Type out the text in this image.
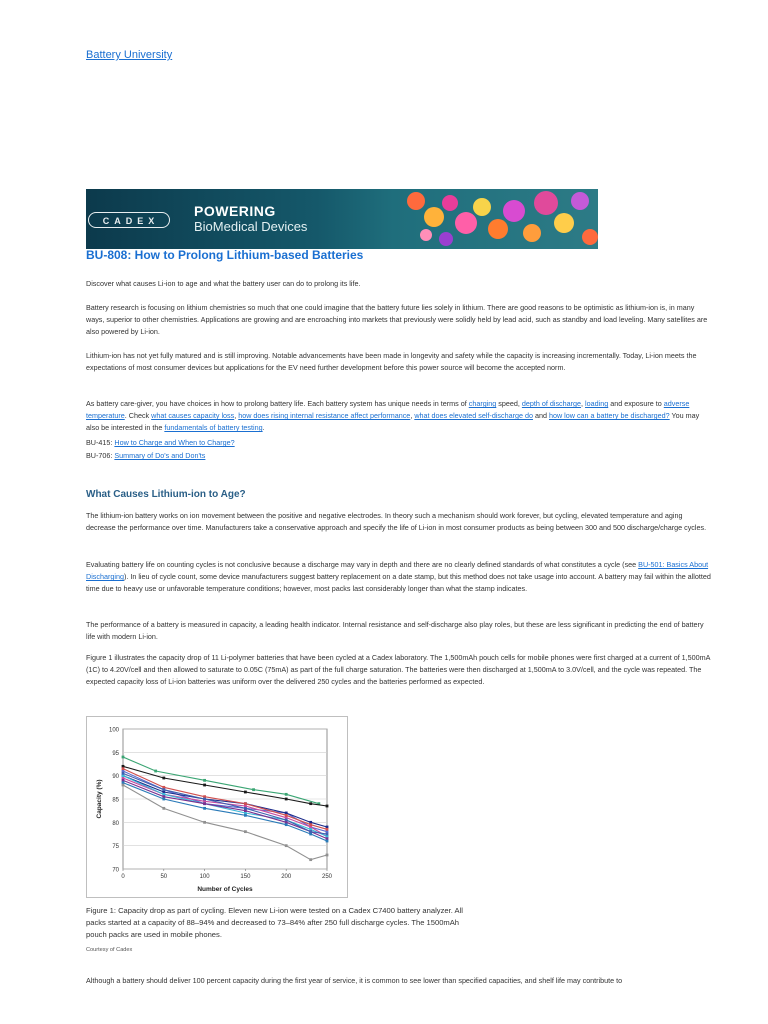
Battery University
CADEX
POWERING
BioMedical Devices
BU-808: How to Prolong Lithium-based Batteries

Discover what causes Li-ion to age and what the battery user can do to prolong its life.

Battery research is focusing on lithium chemistries so much that one could imagine that the battery future lies solely in lithium. There are good reasons to be optimistic as lithium-ion is, in many ways, superior to other chemistries. Applications are growing and are encroaching into markets that previously were solidly held by lead acid, such as standby and load leveling. Many satellites are also powered by Li-ion.

Lithium-ion has not yet fully matured and is still improving. Notable advancements have been made in longevity and safety while the capacity is increasing incrementally. Today, Li-ion meets the expectations of most consumer devices but applications for the EV need further development before this power source will become the accepted norm.

As battery care-giver, you have choices in how to prolong battery life. Each battery system has unique needs in terms of charging speed, depth of discharge, loading and exposure to adverse temperature. Check what causes capacity loss, how does rising internal resistance affect performance, what does elevated self-discharge do and how low can a battery be discharged? You may also be interested in the fundamentals of battery testing.

BU-415: How to Charge and When to Charge?

BU-706: Summary of Do's and Don'ts

What Causes Lithium-ion to Age?

The lithium-ion battery works on ion movement between the positive and negative electrodes. In theory such a mechanism should work forever, but cycling, elevated temperature and aging decrease the performance over time. Manufacturers take a conservative approach and specify the life of Li-ion in most consumer products as being between 300 and 500 discharge/charge cycles.

Evaluating battery life on counting cycles is not conclusive because a discharge may vary in depth and there are no clearly defined standards of what constitutes a cycle (see BU-501: Basics About Discharging). In lieu of cycle count, some device manufacturers suggest battery replacement on a date stamp, but this method does not take usage into account. A battery may fail within the allotted time due to heavy use or unfavorable temperature conditions; however, most packs last considerably longer than what the stamp indicates.

The performance of a battery is measured in capacity, a leading health indicator. Internal resistance and self-discharge also play roles, but these are less significant in predicting the end of battery life with modern Li-ion.

Figure 1 illustrates the capacity drop of 11 Li-polymer batteries that have been cycled at a Cadex laboratory. The 1,500mAh pouch cells for mobile phones were first charged at a current of 1,500mA (1C) to 4.20V/cell and then allowed to saturate to 0.05C (75mA) as part of the full charge saturation. The batteries were then discharged at 1,500mA to 3.0V/cell, and the cycle was repeated. The expected capacity loss of Li-ion batteries was uniform over the delivered 250 cycles and the batteries performed as expected.

70
75
80
85
90
95
100
0	50	100	150	200	250
Number of Cycles
Capacity (%)

Figure 1: Capacity drop as part of cycling. Eleven new Li-ion were tested on a Cadex C7400 battery analyzer. All packs started at a capacity of 88–94% and decreased to 73–84% after 250 full discharge cycles. The 1500mAh pouch packs are used in mobile phones.

Courtesy of Cadex

Although a battery should deliver 100 percent capacity during the first year of service, it is common to see lower than specified capacities, and shelf life may contribute to
